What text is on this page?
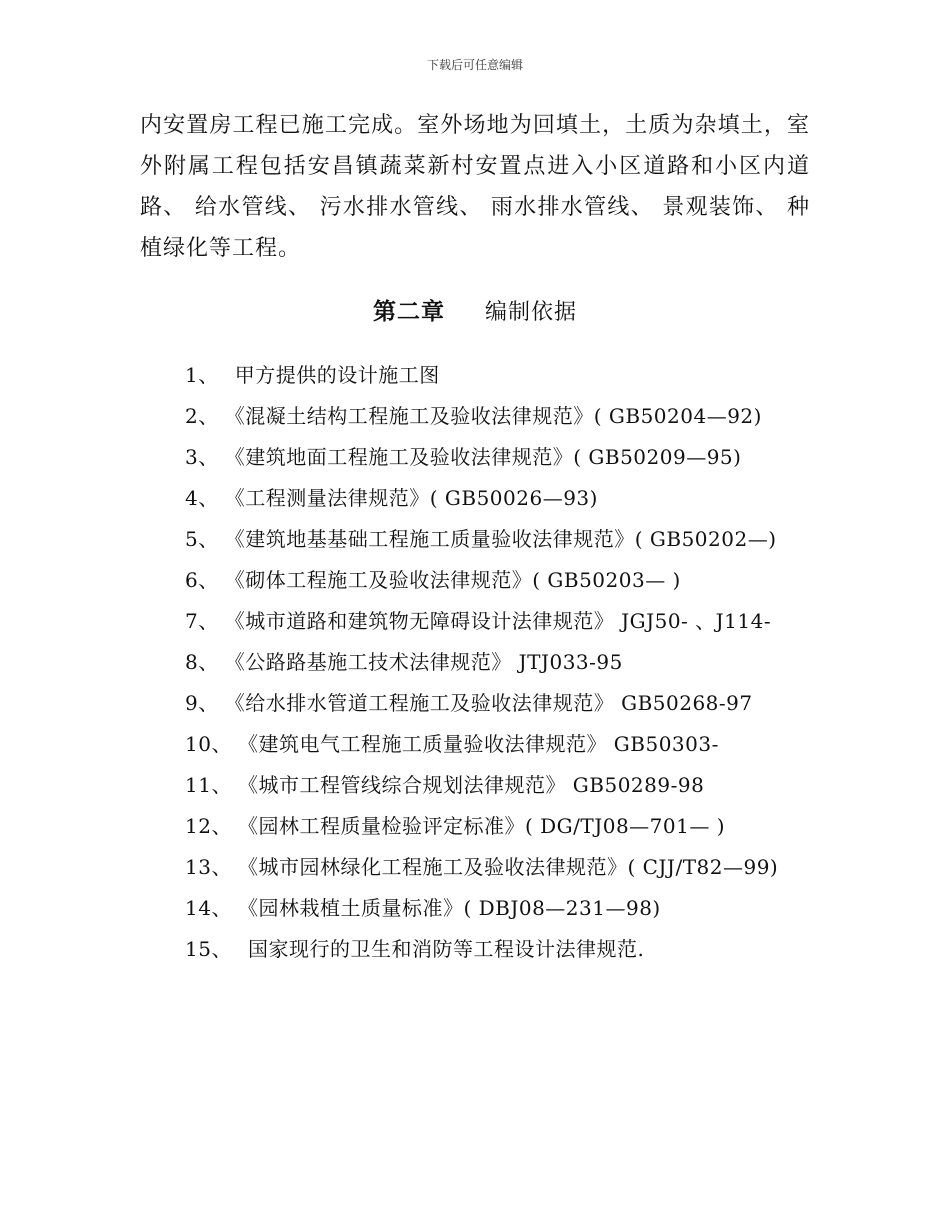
下载后可任意编辑
内安置房工程已施工完成。室外场地为回填土，土质为杂填土，室外附属工程包括安昌镇蔬菜新村安置点进入小区道路和小区内道路、 给水管线、 污水排水管线、 雨水排水管线、 景观装饰、 种植绿化等工程。
第二章 编制依据
1、 甲方提供的设计施工图
2、 《混凝土结构工程施工及验收法律规范》( GB50204—92)
3、 《建筑地面工程施工及验收法律规范》( GB50209—95)
4、 《工程测量法律规范》( GB50026—93)
5、 《建筑地基基础工程施工质量验收法律规范》( GB50202—)
6、 《砌体工程施工及验收法律规范》( GB50203— )
7、 《城市道路和建筑物无障碍设计法律规范》 JGJ50- 、J114-
8、 《公路路基施工技术法律规范》 JTJ033-95
9、 《给水排水管道工程施工及验收法律规范》 GB50268-97
10、 《建筑电气工程施工质量验收法律规范》 GB50303-
11、 《城市工程管线综合规划法律规范》 GB50289-98
12、 《园林工程质量检验评定标准》( DG/TJ08—701— )
13、 《城市园林绿化工程施工及验收法律规范》( CJJ/T82—99)
14、 《园林栽植土质量标准》( DBJ08—231—98)
15、 国家现行的卫生和消防等工程设计法律规范.
